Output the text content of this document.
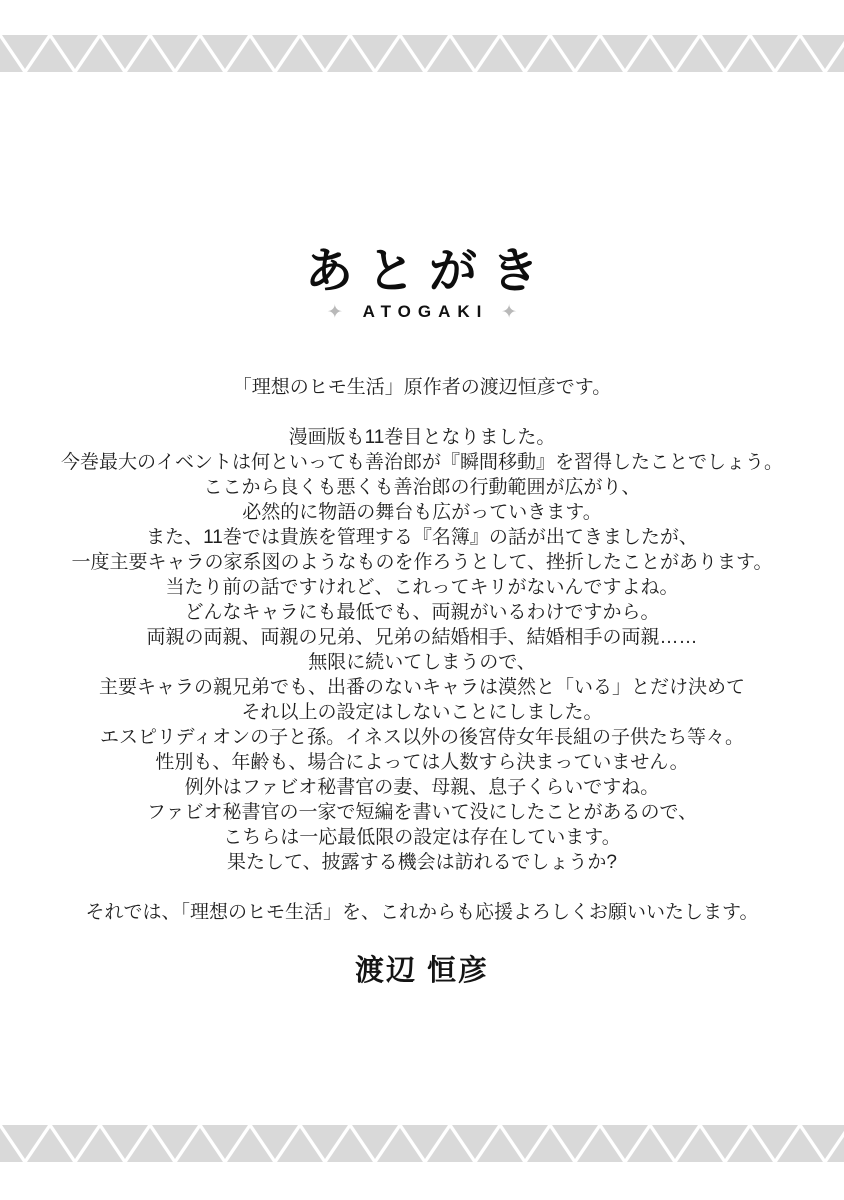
あとがき
✦ ATOGAKI ✦
「理想のヒモ生活」原作者の渡辺恒彦です。
漫画版も11巻目となりました。
今巻最大のイベントは何といっても善治郎が『瞬間移動』を習得したことでしょう。
ここから良くも悪くも善治郎の行動範囲が広がり、
必然的に物語の舞台も広がっていきます。
また、11巻では貴族を管理する『名簿』の話が出てきましたが、
一度主要キャラの家系図のようなものを作ろうとして、挫折したことがあります。
当たり前の話ですけれど、これってキリがないんですよね。
どんなキャラにも最低でも、両親がいるわけですから。
両親の両親、両親の兄弟、兄弟の結婚相手、結婚相手の両親……
無限に続いてしまうので、
主要キャラの親兄弟でも、出番のないキャラは漠然と「いる」とだけ決めて
それ以上の設定はしないことにしました。
エスピリディオンの子と孫。イネス以外の後宮侍女年長組の子供たち等々。
性別も、年齢も、場合によっては人数すら決まっていません。
例外はファビオ秘書官の妻、母親、息子くらいですね。
ファビオ秘書官の一家で短編を書いて没にしたことがあるので、
こちらは一応最低限の設定は存在しています。
果たして、披露する機会は訪れるでしょうか?
それでは、「理想のヒモ生活」を、これからも応援よろしくお願いいたします。
渡辺 恒彦
